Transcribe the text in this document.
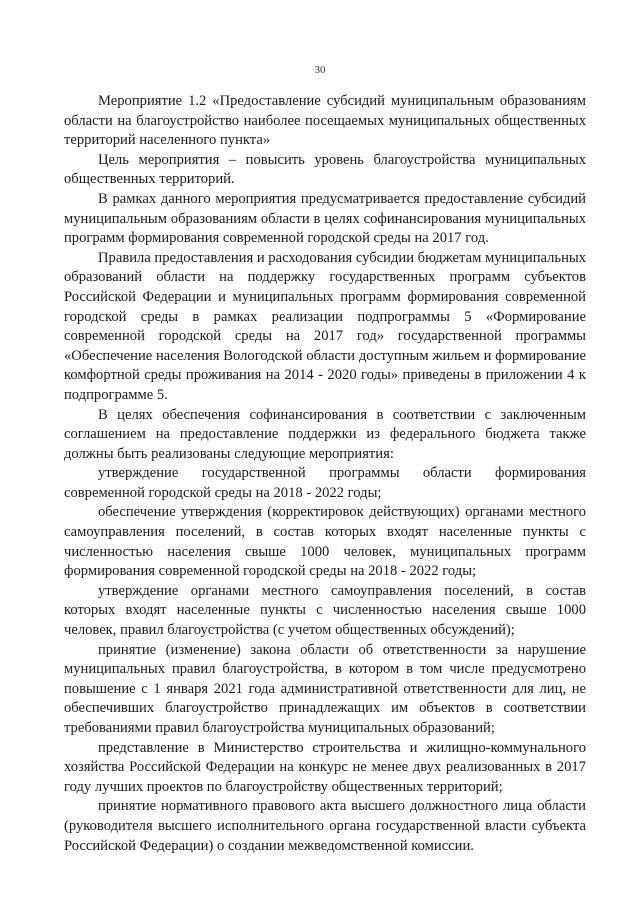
30

Мероприятие 1.2 «Предоставление субсидий муниципальным образованиям области на благоустройство наиболее посещаемых муниципальных общественных территорий населенного пункта»

Цель мероприятия – повысить уровень благоустройства муниципальных общественных территорий.

В рамках данного мероприятия предусматривается предоставление субсидий муниципальным образованиям области в целях софинансирования муниципальных программ формирования современной городской среды на 2017 год.

Правила предоставления и расходования субсидии бюджетам муниципальных образований области на поддержку государственных программ субъектов Российской Федерации и муниципальных программ формирования современной городской среды в рамках реализации подпрограммы 5 «Формирование современной городской среды на 2017 год» государственной программы «Обеспечение населения Вологодской области доступным жильем и формирование комфортной среды проживания на 2014 - 2020 годы» приведены в приложении 4 к подпрограмме 5.

В целях обеспечения софинансирования в соответствии с заключенным соглашением на предоставление поддержки из федерального бюджета также должны быть реализованы следующие мероприятия:

утверждение государственной программы области формирования современной городской среды на 2018 - 2022 годы;

обеспечение утверждения (корректировок действующих) органами местного самоуправления поселений, в состав которых входят населенные пункты с численностью населения свыше 1000 человек, муниципальных программ формирования современной городской среды на 2018 - 2022 годы;

утверждение органами местного самоуправления поселений, в состав которых входят населенные пункты с численностью населения свыше 1000 человек, правил благоустройства (с учетом общественных обсуждений);

принятие (изменение) закона области об ответственности за нарушение муниципальных правил благоустройства, в котором в том числе предусмотрено повышение с 1 января 2021 года административной ответственности для лиц, не обеспечивших благоустройство принадлежащих им объектов в соответствии требованиями правил благоустройства муниципальных образований;

представление в Министерство строительства и жилищно-коммунального хозяйства Российской Федерации на конкурс не менее двух реализованных в 2017 году лучших проектов по благоустройству общественных территорий;

принятие нормативного правового акта высшего должностного лица области (руководителя высшего исполнительного органа государственной власти субъекта Российской Федерации) о создании межведомственной комиссии.
